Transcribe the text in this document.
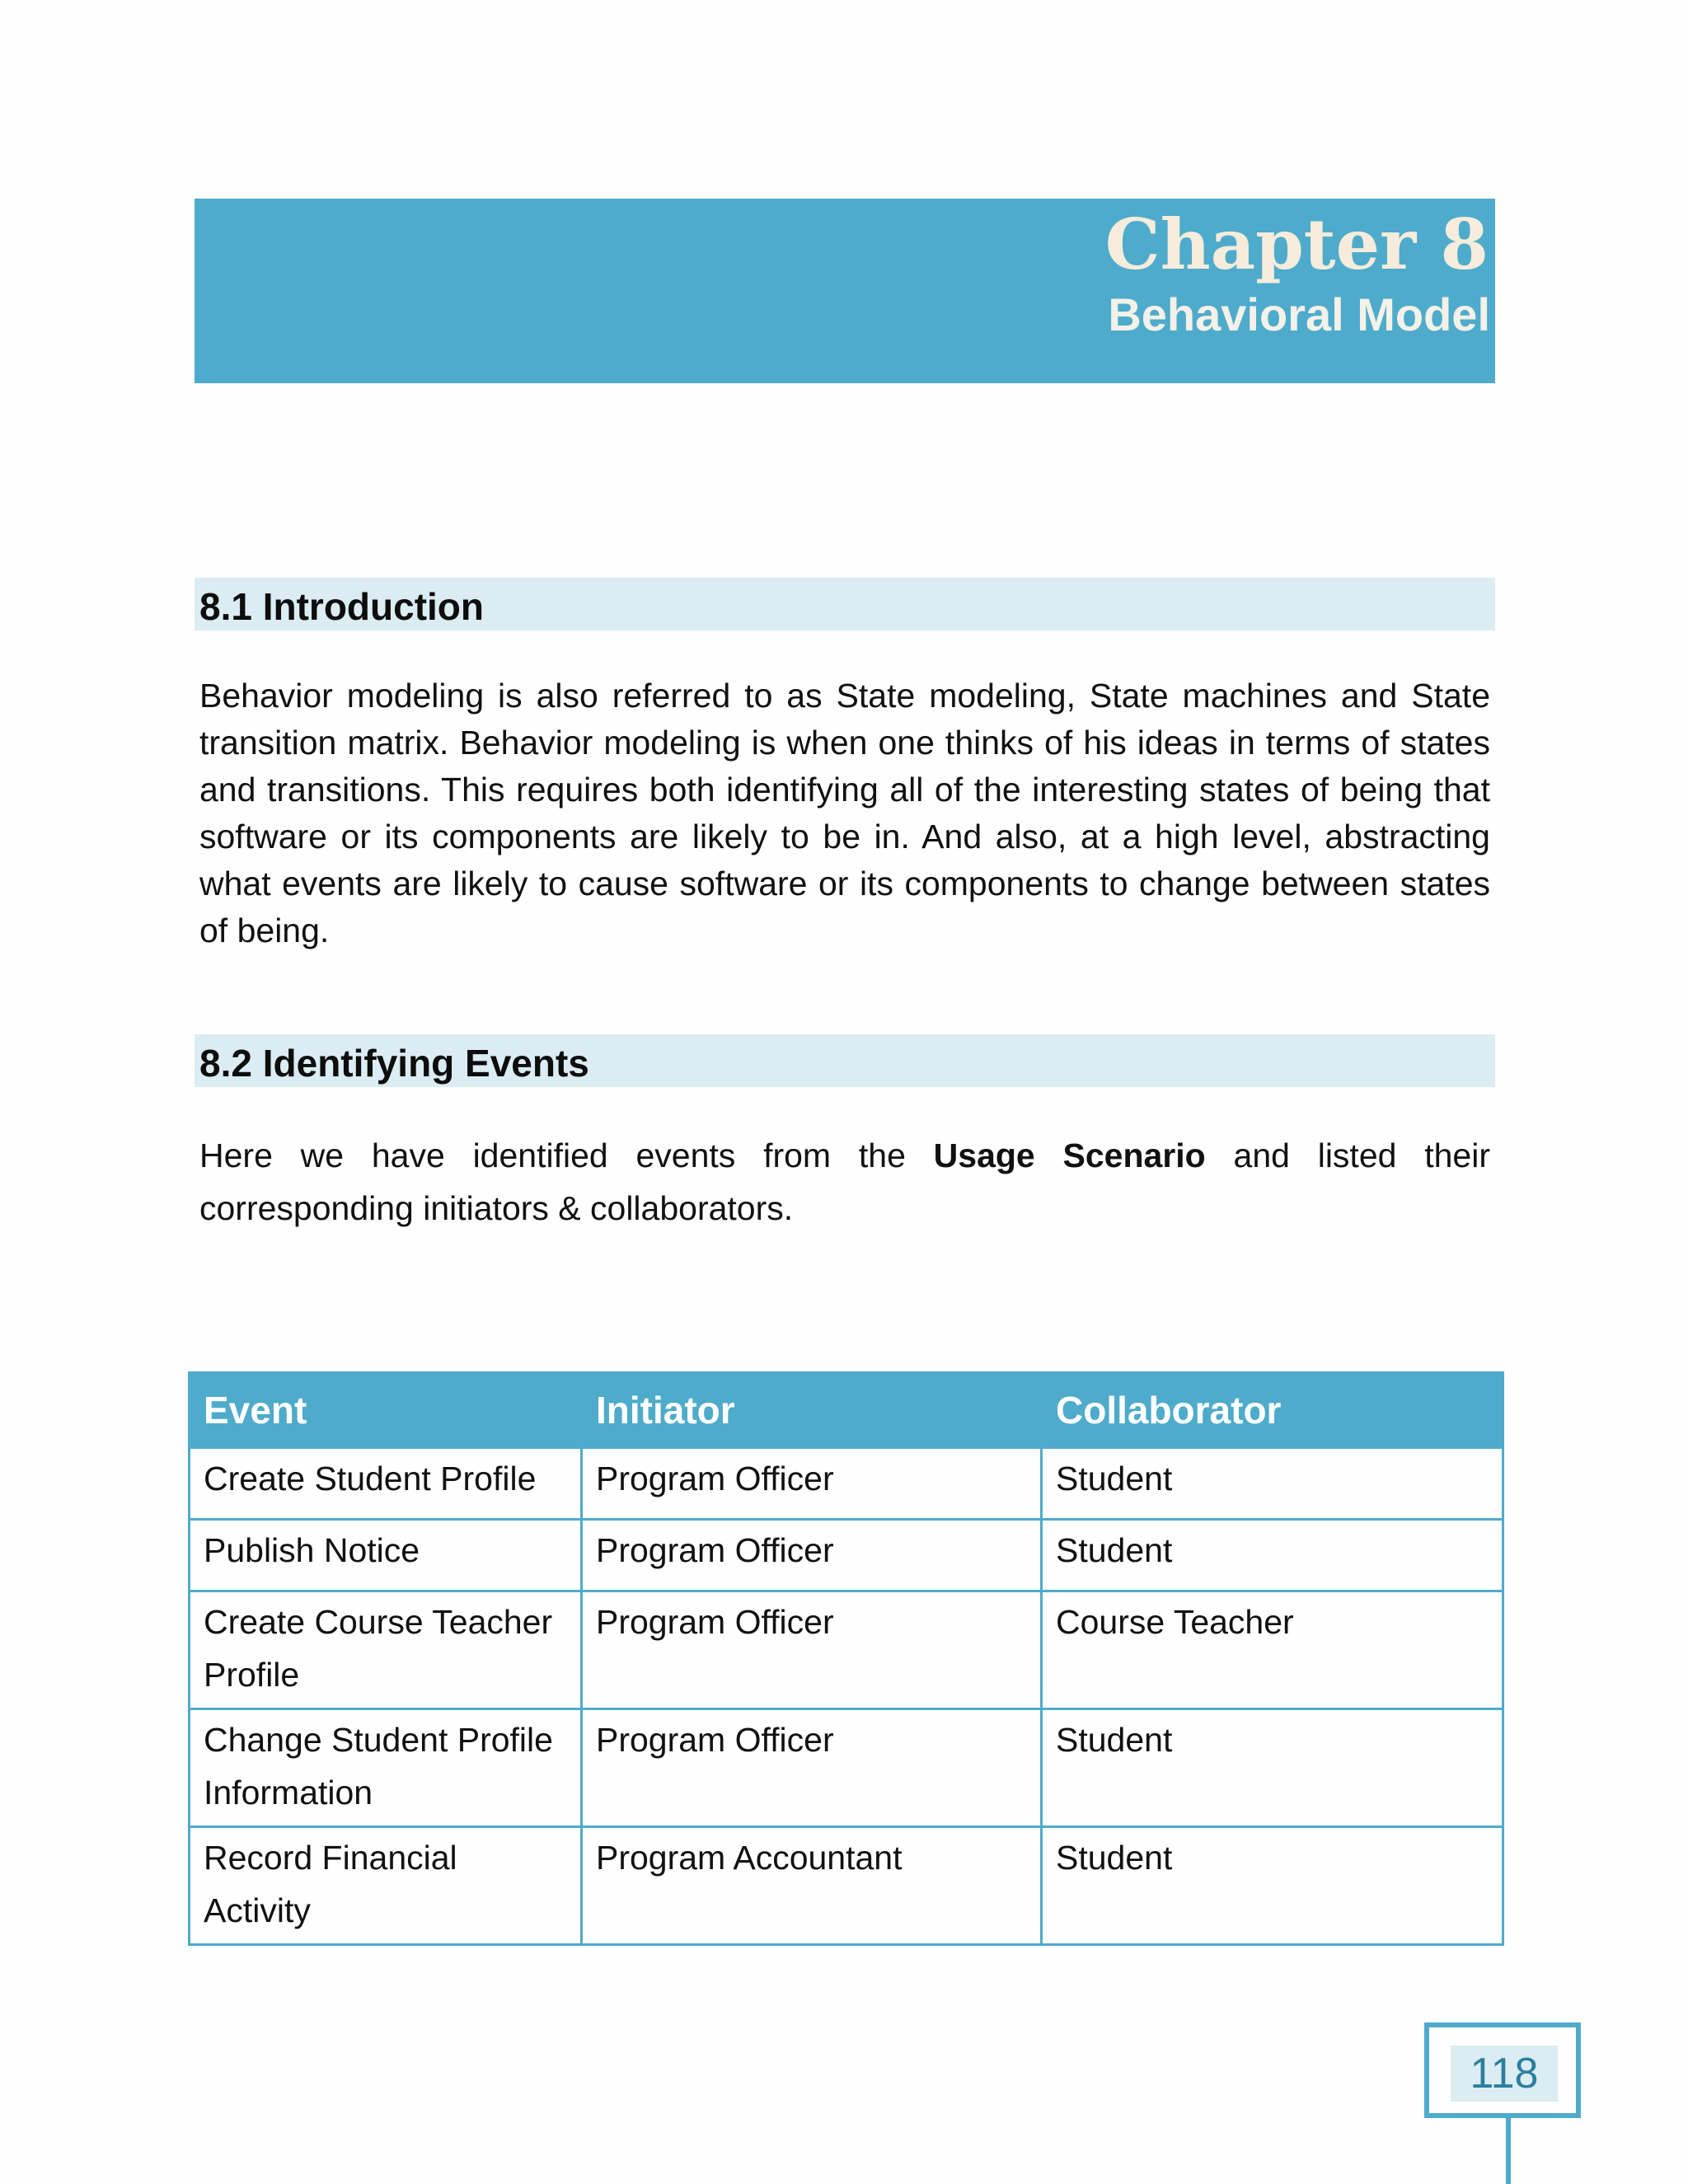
Chapter 8
Behavioral Model
8.1 Introduction
Behavior modeling is also referred to as State modeling, State machines and State transition matrix. Behavior modeling is when one thinks of his ideas in terms of states and transitions. This requires both identifying all of the interesting states of being that software or its components are likely to be in. And also, at a high level, abstracting what events are likely to cause software or its components to change between states of being.
8.2 Identifying Events
Here we have identified events from the Usage Scenario and listed their corresponding initiators & collaborators.
Event	Initiator	Collaborator
Create Student Profile	Program Officer	Student
Publish Notice	Program Officer	Student
Create Course Teacher Profile	Program Officer	Course Teacher
Change Student Profile Information	Program Officer	Student
Record Financial Activity	Program Accountant	Student
118
